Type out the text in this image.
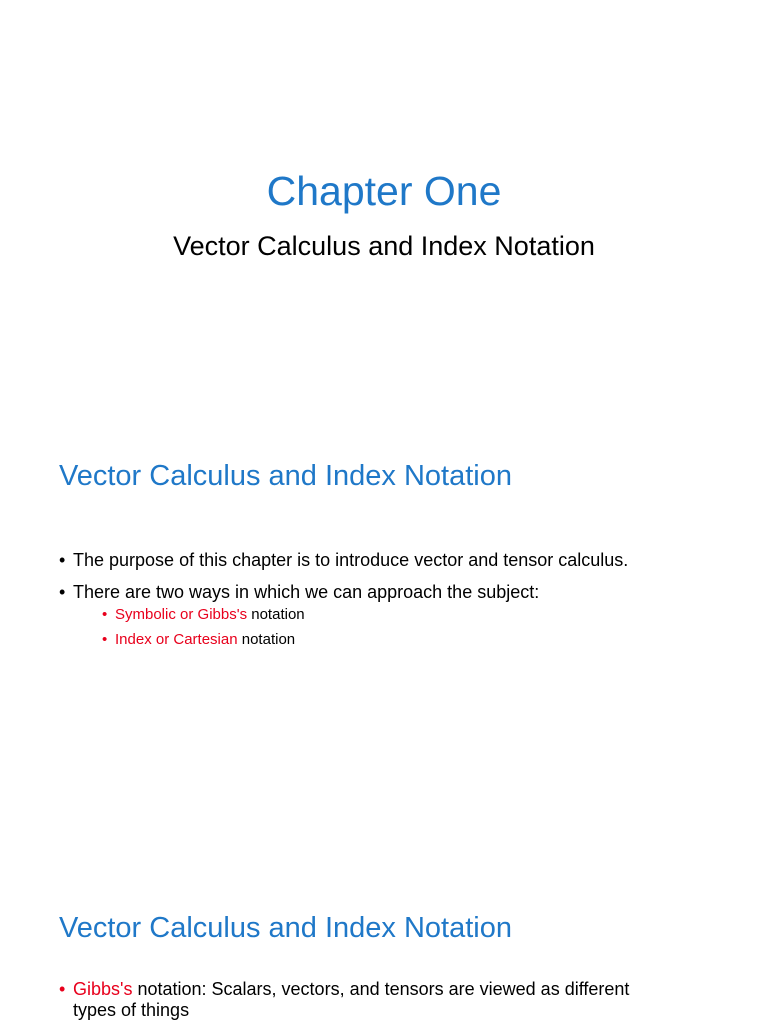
Chapter One
Vector Calculus and Index Notation
Vector Calculus and Index Notation
• The purpose of this chapter is to introduce vector and tensor calculus.
• There are two ways in which we can approach the subject:
• Symbolic or Gibbs's notation
• Index or Cartesian notation
Vector Calculus and Index Notation
• Gibbs's notation: Scalars, vectors, and tensors are viewed as different
types of things
